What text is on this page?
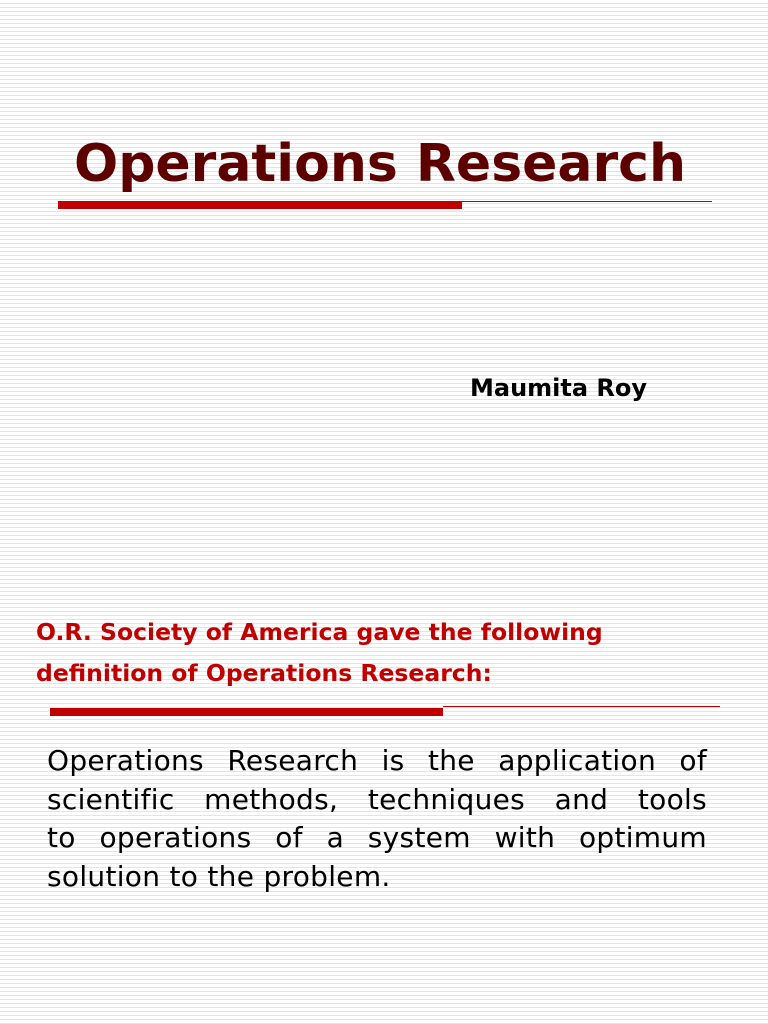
Operations Research
Maumita Roy
O.R. Society of America gave the following
definition of Operations Research:
Operations Research is the application of
scientific methods, techniques and tools
to operations of a system with optimum
solution to the problem.
